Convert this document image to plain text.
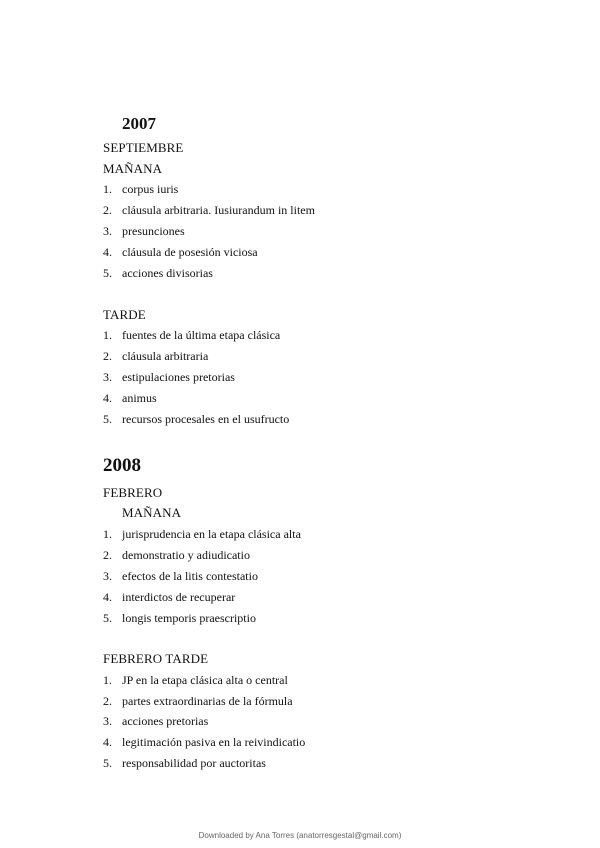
2007
SEPTIEMBRE
MAÑANA
1. corpus iuris
2. cláusula arbitraria. Iusiurandum in litem
3. presunciones
4. cláusula de posesión viciosa
5. acciones divisorias
TARDE
1. fuentes de la última etapa clásica
2. cláusula arbitraria
3. estipulaciones pretorias
4. animus
5. recursos procesales en el usufructo
2008
FEBRERO
MAÑANA
1. jurisprudencia en la etapa clásica alta
2. demonstratio y adiudicatio
3. efectos de la litis contestatio
4. interdictos de recuperar
5. longis temporis praescriptio
FEBRERO TARDE
1. JP en la etapa clásica alta o central
2. partes extraordinarias de la fórmula
3. acciones pretorias
4. legitimación pasiva en la reivindicatio
5. responsabilidad por auctoritas
Downloaded by Ana Torres (anatorresgestal@gmail.com)
